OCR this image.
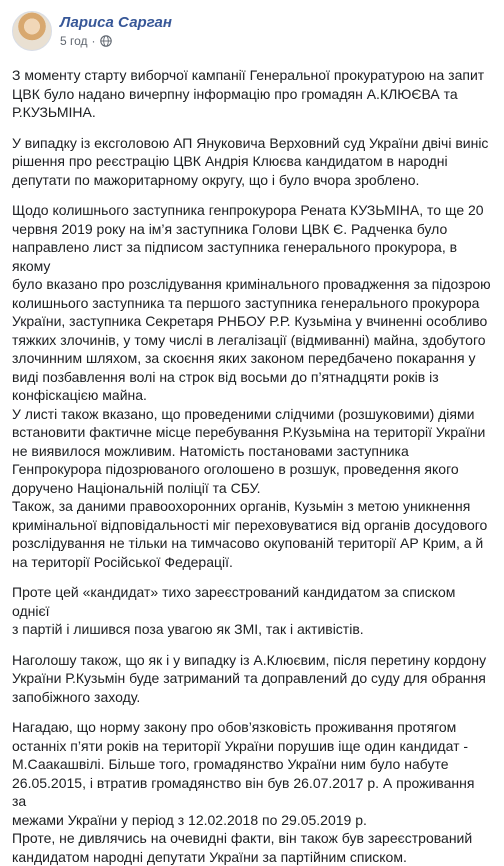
Лариса Сарган
5 год ·

З моменту старту виборчої кампанії Генеральної прокуратурою на запит
ЦВК було надано вичерпну інформацію про громадян А.КЛЮЄВА та
Р.КУЗЬМІНА.

У випадку із ексголовою АП Януковича Верховний суд України двічі виніс
рішення про реєстрацію ЦВК Андрія Клюєва кандидатом в народні
депутати по мажоритарному округу, що і було вчора зроблено.

Щодо колишнього заступника генпрокурора Рената КУЗЬМІНА, то ще 20
червня 2019 року на ім’я заступника Голови ЦВК Є. Радченка було
направлено лист за підписом заступника генерального прокурора, в якому
було вказано про розслідування кримінального провадження за підозрою
колишнього заступника та першого заступника генерального прокурора
України, заступника Секретаря РНБОУ Р.Р. Кузьміна у вчиненні особливо
тяжких злочинів, у тому числі в легалізації (відмиванні) майна, здобутого
злочинним шляхом, за скоєння яких законом передбачено покарання у
виді позбавлення волі на строк від восьми до п’ятнадцяти років із
конфіскацією майна.

У листі також вказано, що проведеними слідчими (розшуковими) діями
встановити фактичне місце перебування Р.Кузьміна на території України
не виявилося можливим. Натомість постановами заступника
Генпрокурора підозрюваного оголошено в розшук, проведення якого
доручено Національній поліції та СБУ.

Також, за даними правоохоронних органів, Кузьмін з метою уникнення
кримінальної відповідальності міг переховуватися від органів досудового
розслідування не тільки на тимчасово окупованій території АР Крим, а й
на території Російської Федерації.

Проте цей «кандидат» тихо зареєстрований кандидатом за списком однієї
з партій і лишився поза увагою як ЗМІ, так і активістів.

Наголошу також, що як і у випадку із А.Клюєвим, після перетину кордону
України Р.Кузьмін буде затриманий та доправлений до суду для обрання
запобіжного заходу.

Нагадаю, що норму закону про обов’язковість проживання протягом
останніх п’яти років на території України порушив іще один кандидат -
М.Саакашвілі. Більше того, громадянство України ним було набуте
26.05.2015, і втратив громадянство він був 26.07.2017 р. А проживання за
межами України у період з 12.02.2018 по 29.05.2019 р.

Проте, не дивлячись на очевидні факти, він також був зареєстрований
кандидатом народні депутати України за партійним списком.
